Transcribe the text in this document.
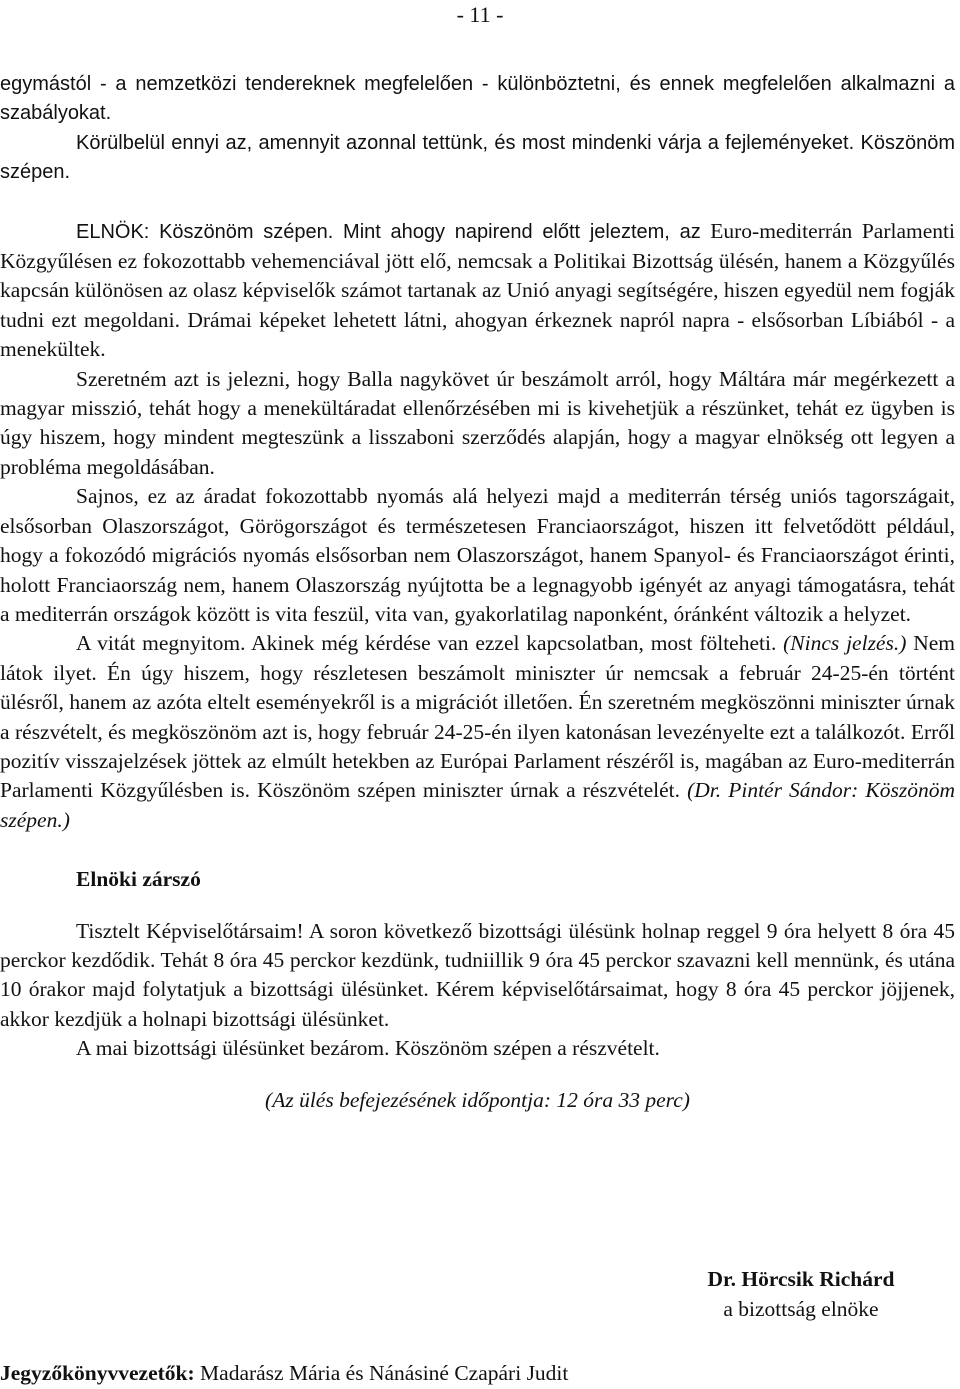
- 11 -

egymástól - a nemzetközi tendereknek megfelelően - különböztetni, és ennek megfelelően alkalmazni a szabályokat.

Körülbelül ennyi az, amennyit azonnal tettünk, és most mindenki várja a fejleményeket. Köszönöm szépen.

ELNÖK: Köszönöm szépen. Mint ahogy napirend előtt jeleztem, az Euro-mediterrán Parlamenti Közgyűlésen ez fokozottabb vehemenciával jött elő, nemcsak a Politikai Bizottság ülésén, hanem a Közgyűlés kapcsán különösen az olasz képviselők számot tartanak az Unió anyagi segítségére, hiszen egyedül nem fogják tudni ezt megoldani. Drámai képeket lehetett látni, ahogyan érkeznek napról napra - elsősorban Líbiából - a menekültek.

Szeretném azt is jelezni, hogy Balla nagykövet úr beszámolt arról, hogy Máltára már megérkezett a magyar misszió, tehát hogy a menekültáradat ellenőrzésében mi is kivehetjük a részünket, tehát ez ügyben is úgy hiszem, hogy mindent megteszünk a lisszaboni szerződés alapján, hogy a magyar elnökség ott legyen a probléma megoldásában.

Sajnos, ez az áradat fokozottabb nyomás alá helyezi majd a mediterrán térség uniós tagországait, elsősorban Olaszországot, Görögországot és természetesen Franciaországot, hiszen itt felvetődött például, hogy a fokozódó migrációs nyomás elsősorban nem Olaszországot, hanem Spanyol- és Franciaországot érinti, holott Franciaország nem, hanem Olaszország nyújtotta be a legnagyobb igényét az anyagi támogatásra, tehát a mediterrán országok között is vita feszül, vita van, gyakorlatilag naponként, óránként változik a helyzet.

A vitát megnyitom. Akinek még kérdése van ezzel kapcsolatban, most fölteheti. (Nincs jelzés.) Nem látok ilyet. Én úgy hiszem, hogy részletesen beszámolt miniszter úr nemcsak a február 24-25-én történt ülésről, hanem az azóta eltelt eseményekről is a migrációt illetően. Én szeretném megköszönni miniszter úrnak a részvételt, és megköszönöm azt is, hogy február 24-25-én ilyen katonásan levezényelte ezt a találkozót. Erről pozitív visszajelzések jöttek az elmúlt hetekben az Európai Parlament részéről is, magában az Euro-mediterrán Parlamenti Közgyűlésben is. Köszönöm szépen miniszter úrnak a részvételét. (Dr. Pintér Sándor: Köszönöm szépen.)

Elnöki zárszó

Tisztelt Képviselőtársaim! A soron következő bizottsági ülésünk holnap reggel 9 óra helyett 8 óra 45 perckor kezdődik. Tehát 8 óra 45 perckor kezdünk, tudniillik 9 óra 45 perckor szavazni kell mennünk, és utána 10 órakor majd folytatjuk a bizottsági ülésünket. Kérem képviselőtársaimat, hogy 8 óra 45 perckor jöjjenek, akkor kezdjük a holnapi bizottsági ülésünket.

A mai bizottsági ülésünket bezárom. Köszönöm szépen a részvételt.

(Az ülés befejezésének időpontja: 12 óra 33 perc)

Dr. Hörcsik Richárd
a bizottság elnöke
Jegyzőkönyvvezetők: Madarász Mária és Nánásiné Czapári Judit
